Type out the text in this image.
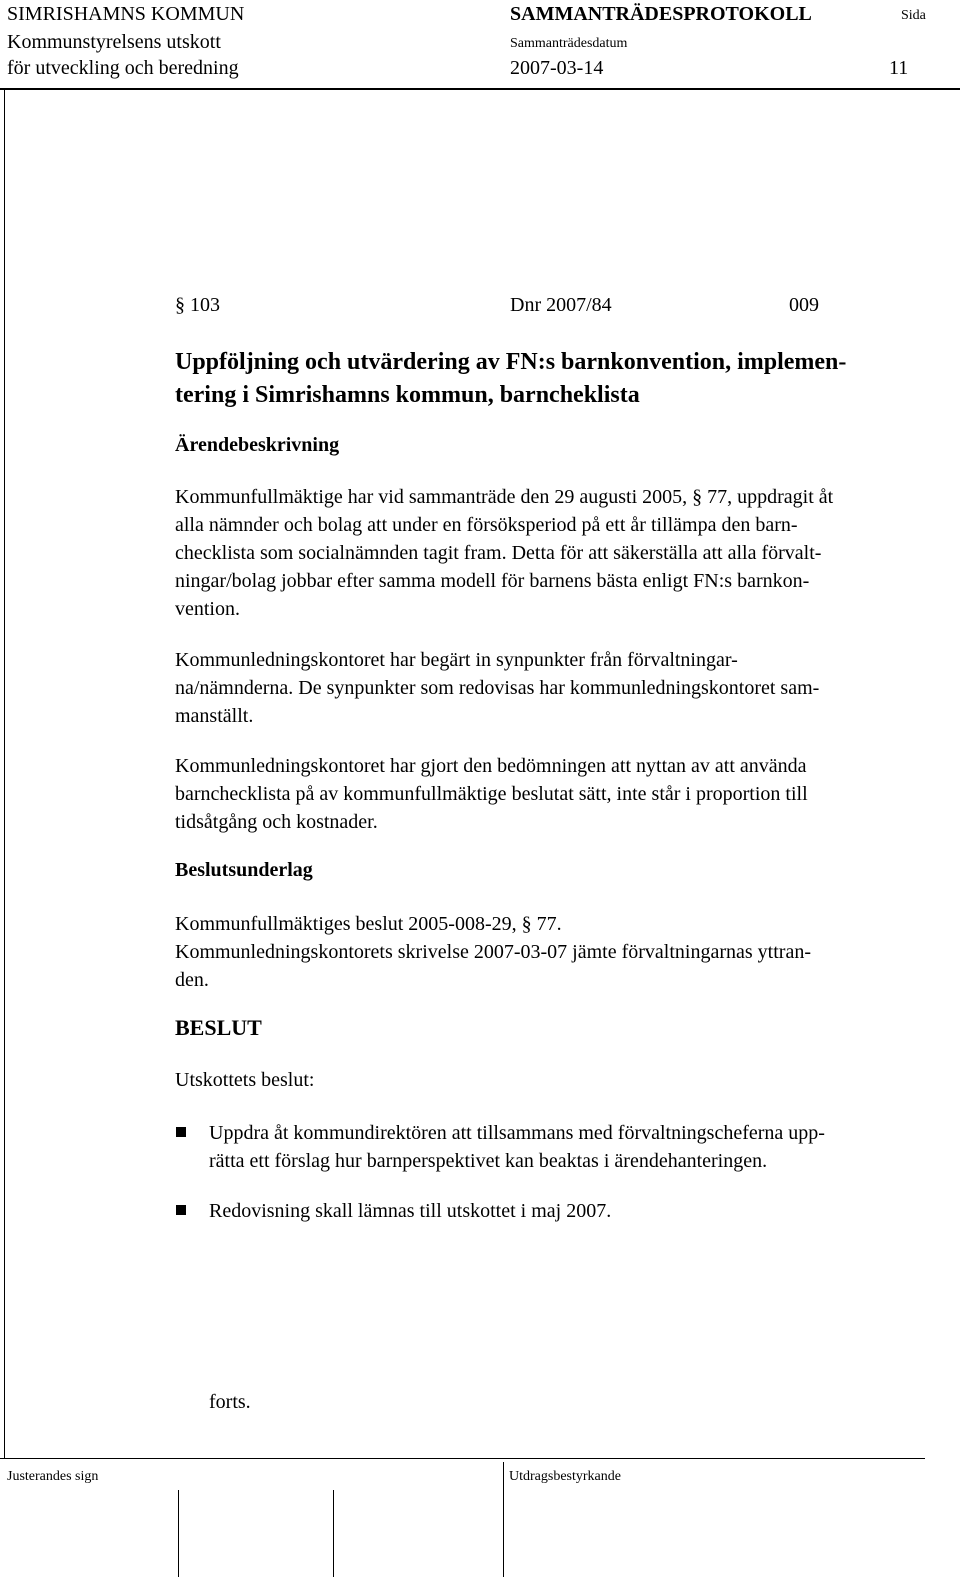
SIMRISHAMNS KOMMUN
Kommunstyrelsens utskott
för utveckling och beredning
SAMMANTRÄDESPROTOKOLL	Sida
Sammanträdesdatum
2007-03-14	11
§ 103	Dnr 2007/84	009
Uppföljning och utvärdering av FN:s barnkonvention, implemen-
tering i Simrishamns kommun, barncheklista
Ärendebeskrivning
Kommunfullmäktige har vid sammanträde den 29 augusti 2005, § 77, uppdragit åt
alla nämnder och bolag att under en försöksperiod på ett år tillämpa den barn-
checklista som socialnämnden tagit fram. Detta för att säkerställa att alla förvalt-
ningar/bolag jobbar efter samma modell för barnens bästa enligt FN:s barnkon-
vention.
Kommunledningskontoret har begärt in synpunkter från förvaltningar-
na/nämnderna. De synpunkter som redovisas har kommunledningskontoret sam-
manställt.
Kommunledningskontoret har gjort den bedömningen att nyttan av att använda
barnchecklista på av kommunfullmäktige beslutat sätt, inte står i proportion till
tidsåtgång och kostnader.
Beslutsunderlag
Kommunfullmäktiges beslut 2005-008-29, § 77.
Kommunledningskontorets skrivelse 2007-03-07 jämte förvaltningarnas yttran-
den.
BESLUT
Utskottets beslut:
Uppdra åt kommundirektören att tillsammans med förvaltningscheferna upp-
rätta ett förslag hur barnperspektivet kan beaktas i ärendehanteringen.
Redovisning skall lämnas till utskottet i maj 2007.
forts.
Justerandes sign	Utdragsbestyrkande
